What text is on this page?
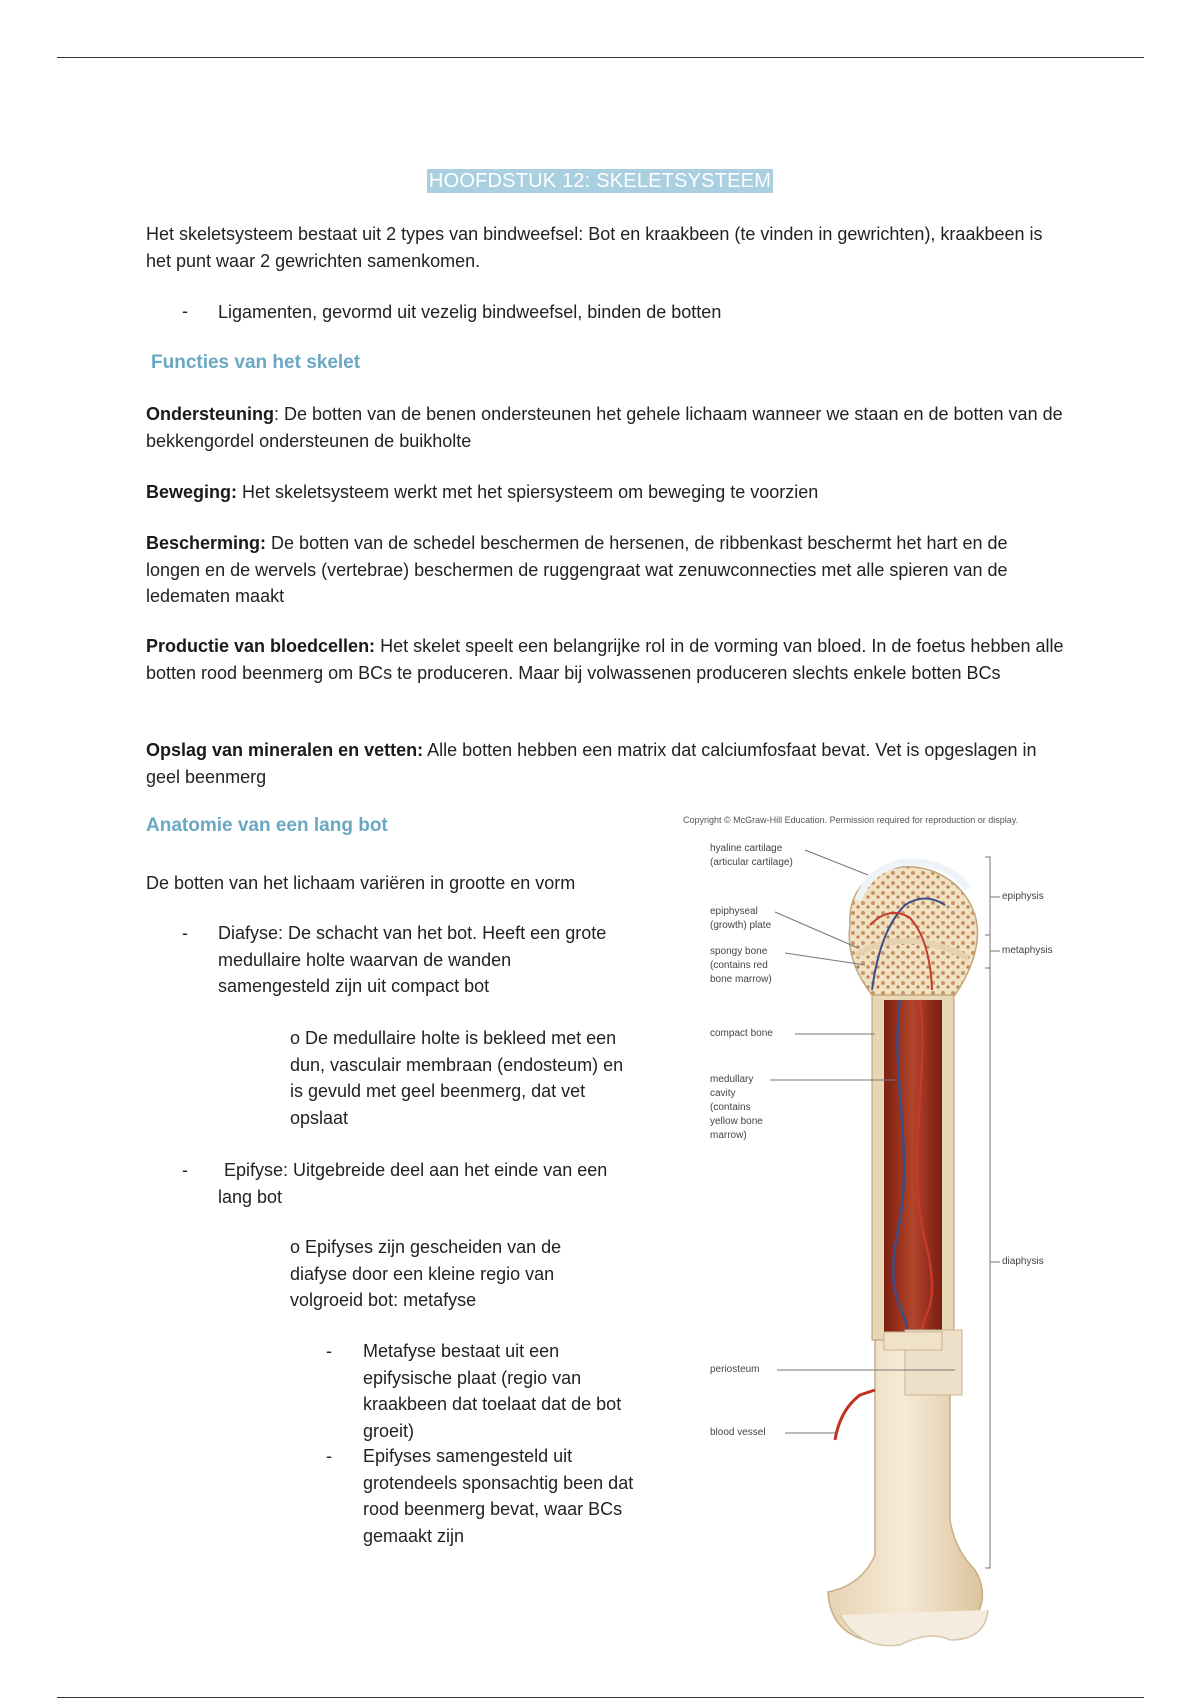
HOOFDSTUK 12: SKELETSYSTEEM

Het skeletsysteem bestaat uit 2 types van bindweefsel: Bot en kraakbeen (te vinden in gewrichten), kraakbeen is het punt waar 2 gewrichten samenkomen.

- Ligamenten, gevormd uit vezelig bindweefsel, binden de botten

Functies van het skelet

Ondersteuning: De botten van de benen ondersteunen het gehele lichaam wanneer we staan en de botten van de bekkengordel ondersteunen de buikholte

Beweging: Het skeletsysteem werkt met het spiersysteem om beweging te voorzien

Bescherming: De botten van de schedel beschermen de hersenen, de ribbenkast beschermt het hart en de longen en de wervels (vertebrae) beschermen de ruggengraat wat zenuwconnecties met alle spieren van de ledematen maakt

Productie van bloedcellen: Het skelet speelt een belangrijke rol in de vorming van bloed. In de foetus hebben alle botten rood beenmerg om BCs te produceren. Maar bij volwassenen produceren slechts enkele botten BCs

Opslag van mineralen en vetten: Alle botten hebben een matrix dat calciumfosfaat bevat. Vet is opgeslagen in geel beenmerg

Anatomie van een lang bot

De botten van het lichaam variëren in grootte en vorm

- Diafyse: De schacht van het bot. Heeft een grote medullaire holte waarvan de wanden samengesteld zijn uit compact bot

o De medullaire holte is bekleed met een dun, vasculair membraan (endosteum) en is gevuld met geel beenmerg, dat vet opslaat

-	Epifyse: Uitgebreide deel aan het einde van een lang bot

o Epifyses zijn gescheiden van de diafyse door een kleine regio van volgroeid bot: metafyse

- Metafyse bestaat uit een epifysische plaat (regio van kraakbeen dat toelaat dat de bot groeit)

- Epifyses samengesteld uit grotendeels sponsachtig been dat rood beenmerg bevat, waar BCs gemaakt zijn

Copyright © McGraw-Hill Education. Permission required for reproduction or display.
hyaline cartilage
(articular cartilage)
epiphyseal
(growth) plate
spongy bone
(contains red
bone marrow)
compact bone
medullary
cavity
(contains
yellow bone
marrow)
periosteum
blood vessel
epiphysis
metaphysis
diaphysis
